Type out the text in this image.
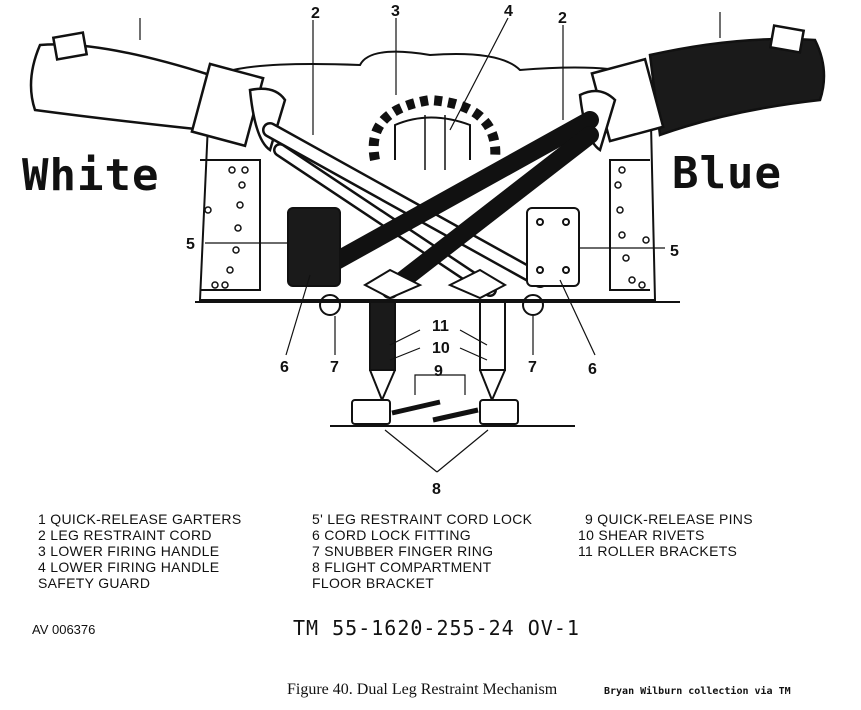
2	3	4	2
5	5
6	7	7	6
11
10
9
8
White	Blue
1 QUICK-RELEASE GARTERS
2 LEG RESTRAINT CORD
3 LOWER FIRING HANDLE
4 LOWER FIRING HANDLE
SAFETY GUARD
5' LEG RESTRAINT CORD LOCK
6 CORD LOCK FITTING
7 SNUBBER FINGER RING
8 FLIGHT COMPARTMENT
FLOOR BRACKET
9 QUICK-RELEASE PINS
10 SHEAR RIVETS
11 ROLLER BRACKETS
AV 006376	TM 55-1620-255-24 OV-1
Figure 40. Dual Leg Restraint Mechanism	Bryan Wilburn collection via TM
